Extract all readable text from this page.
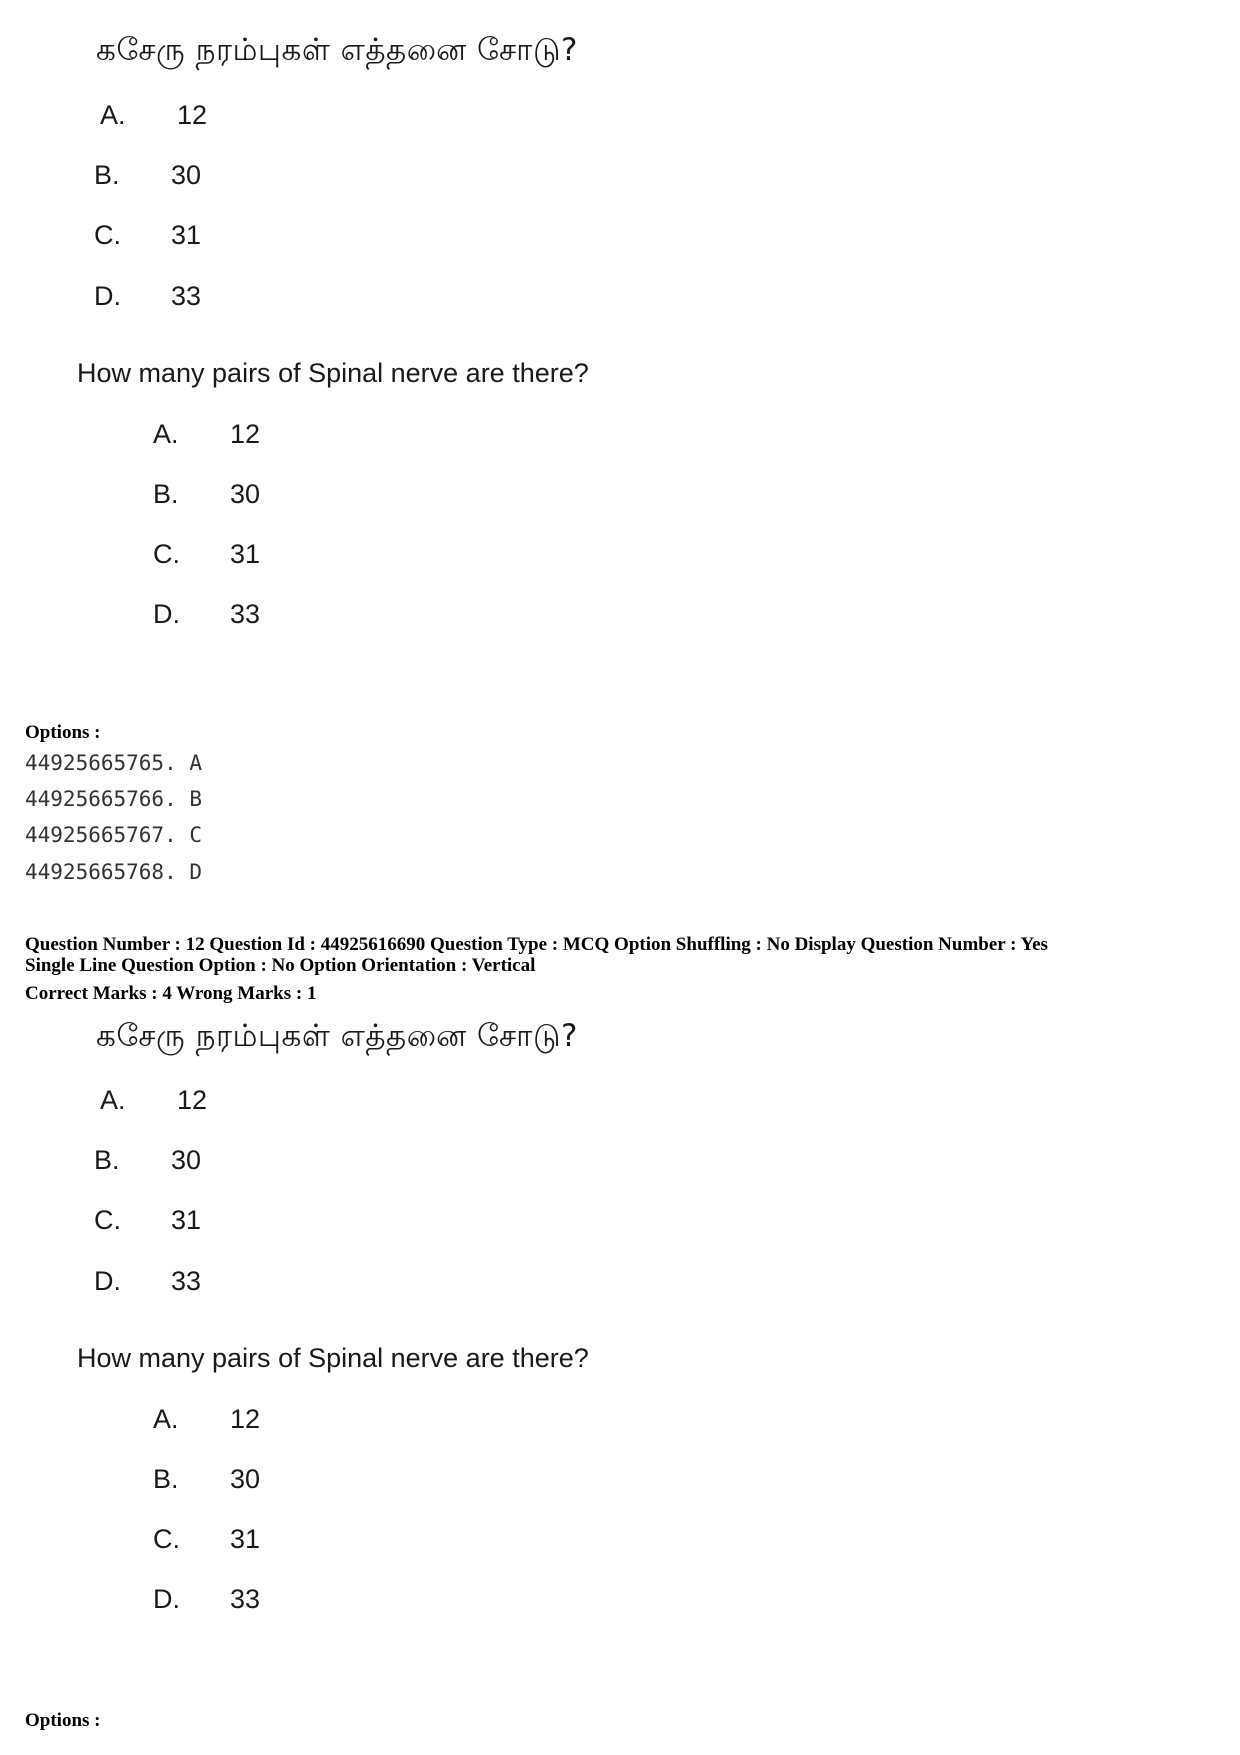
கசேரு நரம்புகள் எத்தனை சோடு?
A. 12
B. 30
C. 31
D. 33
How many pairs of Spinal nerve are there?
A. 12
B. 30
C. 31
D. 33
Options :
44925665765. A
44925665766. B
44925665767. C
44925665768. D
Question Number : 12 Question Id : 44925616690 Question Type : MCQ Option Shuffling : No Display Question Number : Yes
Single Line Question Option : No Option Orientation : Vertical
Correct Marks : 4 Wrong Marks : 1
கசேரு நரம்புகள் எத்தனை சோடு?
A. 12
B. 30
C. 31
D. 33
How many pairs of Spinal nerve are there?
A. 12
B. 30
C. 31
D. 33
Options :
